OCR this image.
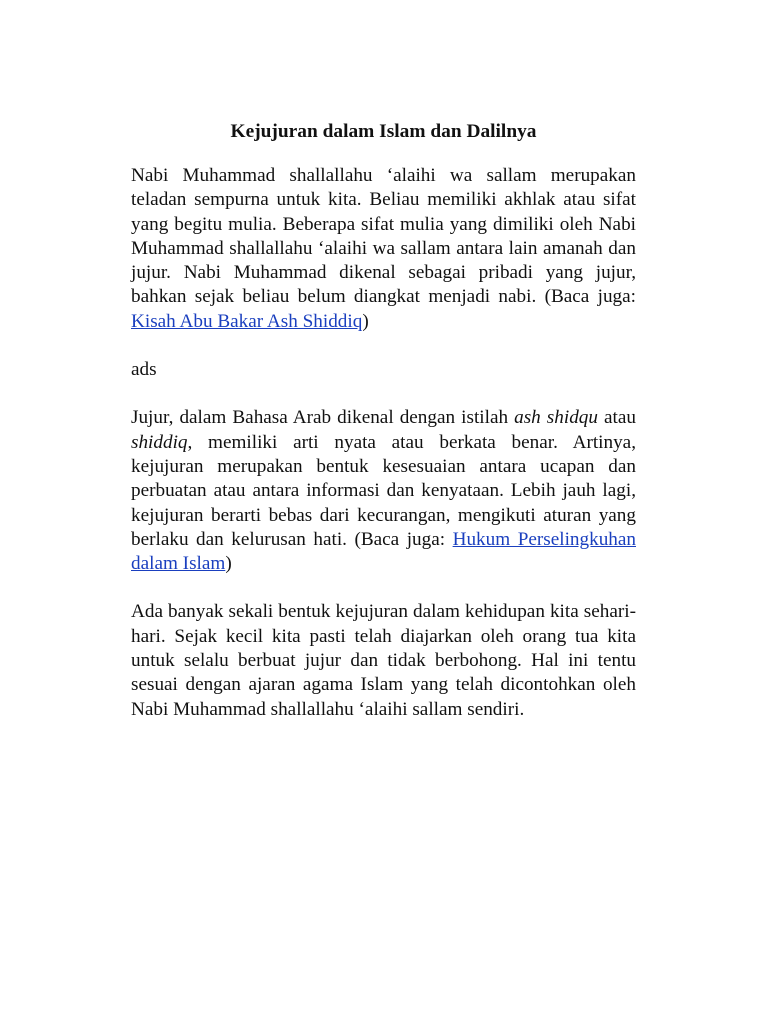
Kejujuran dalam Islam dan Dalilnya

Nabi Muhammad shallallahu ‘alaihi wa sallam merupakan teladan sempurna untuk kita. Beliau memiliki akhlak atau sifat yang begitu mulia. Beberapa sifat mulia yang dimiliki oleh Nabi Muhammad shallallahu ‘alaihi wa sallam antara lain amanah dan jujur. Nabi Muhammad dikenal sebagai pribadi yang jujur, bahkan sejak beliau belum diangkat menjadi nabi. (Baca juga: Kisah Abu Bakar Ash Shiddiq)

ads

Jujur, dalam Bahasa Arab dikenal dengan istilah ash shidqu atau shiddiq, memiliki arti nyata atau berkata benar. Artinya, kejujuran merupakan bentuk kesesuaian antara ucapan dan perbuatan atau antara informasi dan kenyataan. Lebih jauh lagi, kejujuran berarti bebas dari kecurangan, mengikuti aturan yang berlaku dan kelurusan hati. (Baca juga: Hukum Perselingkuhan dalam Islam)

Ada banyak sekali bentuk kejujuran dalam kehidupan kita sehari-hari. Sejak kecil kita pasti telah diajarkan oleh orang tua kita untuk selalu berbuat jujur dan tidak berbohong. Hal ini tentu sesuai dengan ajaran agama Islam yang telah dicontohkan oleh Nabi Muhammad shallallahu ‘alaihi sallam sendiri.
